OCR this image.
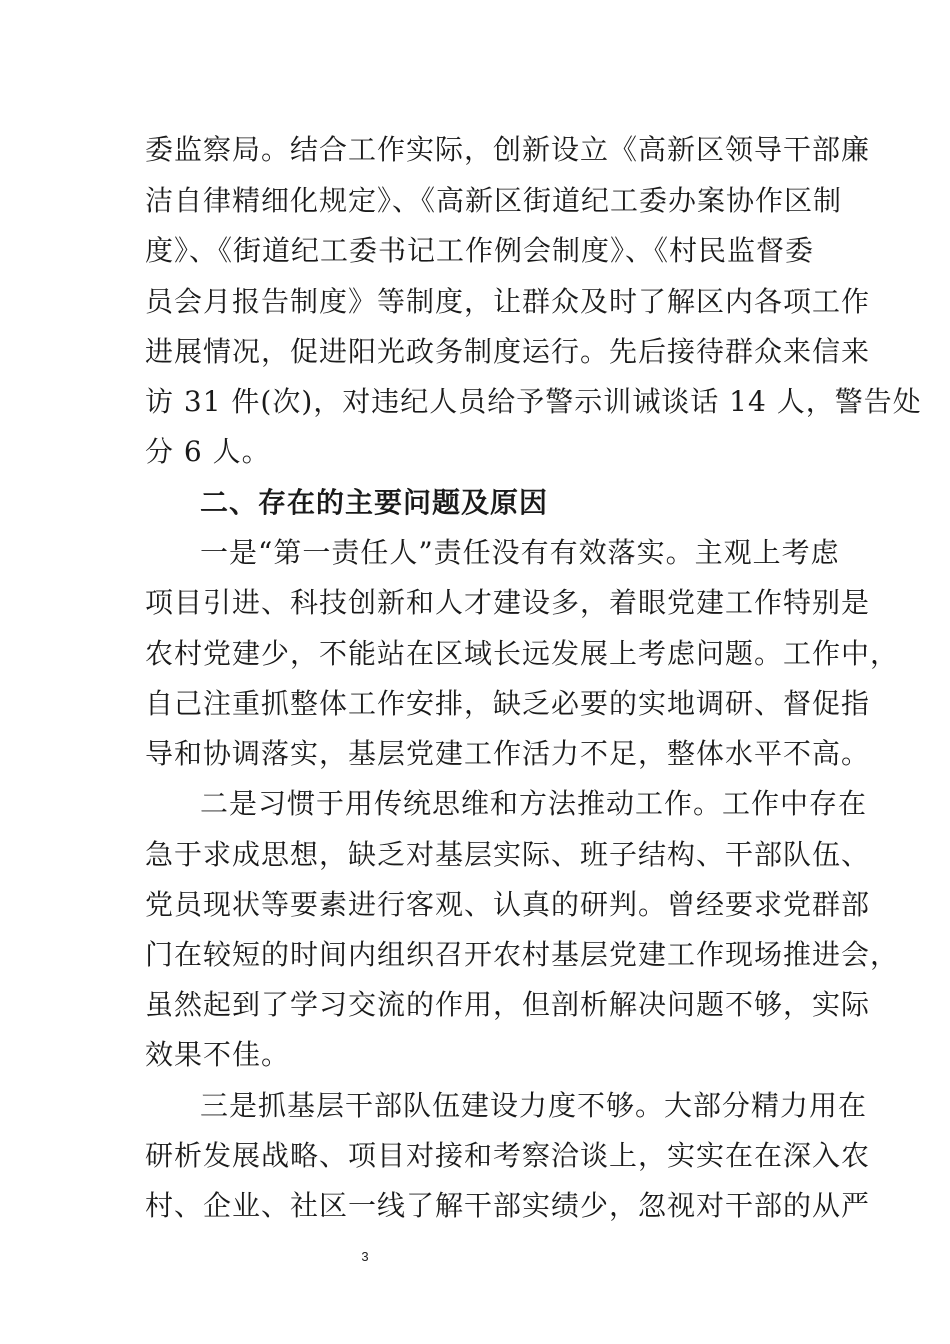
委监察局。结合工作实际，创新设立《高新区领导干部廉
洁自律精细化规定》、《高新区街道纪工委办案协作区制
度》、《街道纪工委书记工作例会制度》、《村民监督委
员会月报告制度》等制度，让群众及时了解区内各项工作
进展情况，促进阳光政务制度运行。先后接待群众来信来
访 31 件(次)，对违纪人员给予警示训诫谈话 14 人，警告处
分 6 人。
二、存在的主要问题及原因
一是“第一责任人”责任没有有效落实。主观上考虑
项目引进、科技创新和人才建设多，着眼党建工作特别是
农村党建少，不能站在区域长远发展上考虑问题。工作中，
自己注重抓整体工作安排，缺乏必要的实地调研、督促指
导和协调落实，基层党建工作活力不足，整体水平不高。
二是习惯于用传统思维和方法推动工作。工作中存在
急于求成思想，缺乏对基层实际、班子结构、干部队伍、
党员现状等要素进行客观、认真的研判。曾经要求党群部
门在较短的时间内组织召开农村基层党建工作现场推进会，
虽然起到了学习交流的作用，但剖析解决问题不够，实际
效果不佳。
三是抓基层干部队伍建设力度不够。大部分精力用在
研析发展战略、项目对接和考察洽谈上，实实在在深入农
村、企业、社区一线了解干部实绩少，忽视对干部的从严
3
